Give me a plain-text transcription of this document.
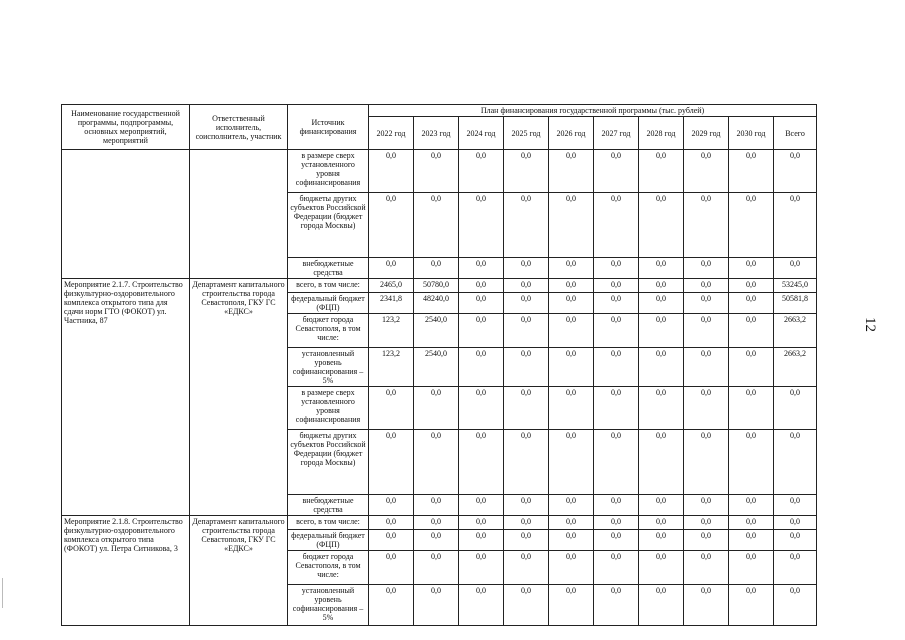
Наименование государственной программы, подпрограммы, основных мероприятий, мероприятий	Ответственный исполнитель, соисполнитель, участник	Источник финансирования	План финансирования государственной программы (тыс. рублей)									
			2022 год	2023 год	2024 год	2025 год	2026 год	2027 год	2028 год	2029 год	2030 год	Всего
		в размере сверх установленного уровня софинансирования	0,0	0,0	0,0	0,0	0,0	0,0	0,0	0,0	0,0	0,0
		бюджеты других субъектов Российской Федерации (бюджет города Москвы)	0,0	0,0	0,0	0,0	0,0	0,0	0,0	0,0	0,0	0,0
		внебюджетные средства	0,0	0,0	0,0	0,0	0,0	0,0	0,0	0,0	0,0	0,0
Мероприятие 2.1.7. Строительство физкультурно-оздоровительного комплекса открытого типа для сдачи норм ГТО (ФОКОТ) ул. Частника, 87	Департамент капитального строительства города Севастополя, ГКУ ГС «ЕДКС»	всего, в том числе:	2465,0	50780,0	0,0	0,0	0,0	0,0	0,0	0,0	0,0	53245,0
		федеральный бюджет (ФЦП)	2341,8	48240,0	0,0	0,0	0,0	0,0	0,0	0,0	0,0	50581,8
		бюджет города Севастополя, в том числе:	123,2	2540,0	0,0	0,0	0,0	0,0	0,0	0,0	0,0	2663,2
		установленный уровень софинансирования – 5%	123,2	2540,0	0,0	0,0	0,0	0,0	0,0	0,0	0,0	2663,2
		в размере сверх установленного уровня софинансирования	0,0	0,0	0,0	0,0	0,0	0,0	0,0	0,0	0,0	0,0
		бюджеты других субъектов Российской Федерации (бюджет города Москвы)	0,0	0,0	0,0	0,0	0,0	0,0	0,0	0,0	0,0	0,0
		внебюджетные средства	0,0	0,0	0,0	0,0	0,0	0,0	0,0	0,0	0,0	0,0
Мероприятие 2.1.8. Строительство физкультурно-оздоровительного комплекса открытого типа (ФОКОТ) ул. Петра Ситникова, 3	Департамент капитального строительства города Севастополя, ГКУ ГС «ЕДКС»	всего, в том числе:	0,0	0,0	0,0	0,0	0,0	0,0	0,0	0,0	0,0	0,0
		федеральный бюджет (ФЦП)	0,0	0,0	0,0	0,0	0,0	0,0	0,0	0,0	0,0	0,0
		бюджет города Севастополя, в том числе:	0,0	0,0	0,0	0,0	0,0	0,0	0,0	0,0	0,0	0,0
		установленный уровень софинансирования – 5%	0,0	0,0	0,0	0,0	0,0	0,0	0,0	0,0	0,0	0,0
12
